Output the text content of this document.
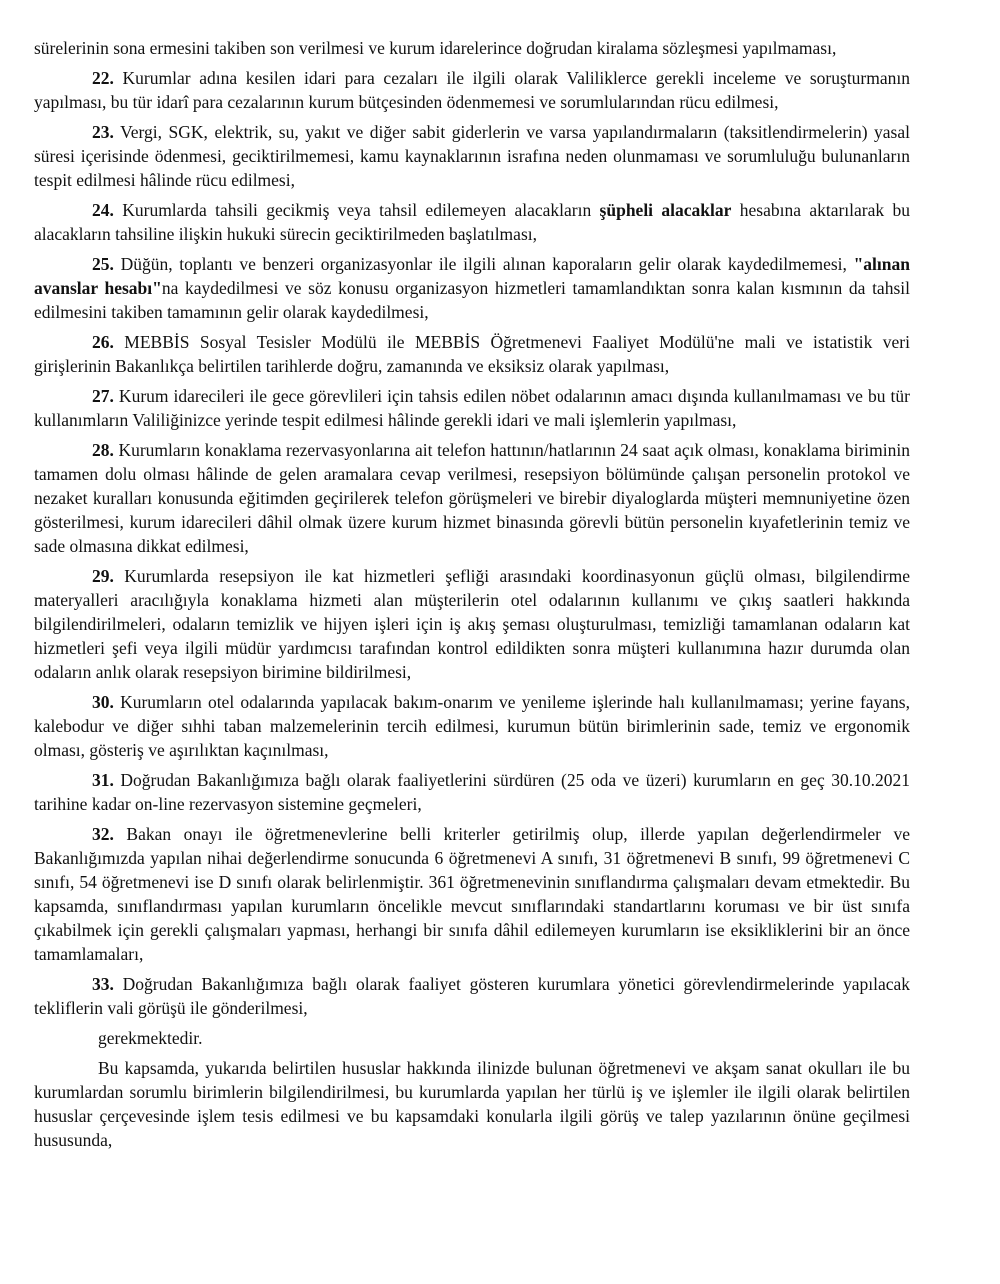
sürelerinin sona ermesini takiben son verilmesi ve kurum idarelerince doğrudan kiralama sözleşmesi yapılmaması,

22. Kurumlar adına kesilen idari para cezaları ile ilgili olarak Valiliklerce gerekli inceleme ve soruşturmanın yapılması, bu tür idarî para cezalarının kurum bütçesinden ödenmemesi ve sorumlularından rücu edilmesi,

23. Vergi, SGK, elektrik, su, yakıt ve diğer sabit giderlerin ve varsa yapılandırmaların (taksitlendirmelerin) yasal süresi içerisinde ödenmesi, geciktirilmemesi, kamu kaynaklarının israfına neden olunmaması ve sorumluluğu bulunanların tespit edilmesi hâlinde rücu edilmesi,

24. Kurumlarda tahsili gecikmiş veya tahsil edilemeyen alacakların şüpheli alacaklar hesabına aktarılarak bu alacakların tahsiline ilişkin hukuki sürecin geciktirilmeden başlatılması,

25. Düğün, toplantı ve benzeri organizasyonlar ile ilgili alınan kaporaların gelir olarak kaydedilmemesi, "alınan avanslar hesabı"na kaydedilmesi ve söz konusu organizasyon hizmetleri tamamlandıktan sonra kalan kısmının da tahsil edilmesini takiben tamamının gelir olarak kaydedilmesi,

26. MEBBİS Sosyal Tesisler Modülü ile MEBBİS Öğretmenevi Faaliyet Modülü'ne mali ve istatistik veri girişlerinin Bakanlıkça belirtilen tarihlerde doğru, zamanında ve eksiksiz olarak yapılması,

27. Kurum idarecileri ile gece görevlileri için tahsis edilen nöbet odalarının amacı dışında kullanılmaması ve bu tür kullanımların Valiliğinizce yerinde tespit edilmesi hâlinde gerekli idari ve mali işlemlerin yapılması,

28. Kurumların konaklama rezervasyonlarına ait telefon hattının/hatlarının 24 saat açık olması, konaklama biriminin tamamen dolu olması hâlinde de gelen aramalara cevap verilmesi, resepsiyon bölümünde çalışan personelin protokol ve nezaket kuralları konusunda eğitimden geçirilerek telefon görüşmeleri ve birebir diyaloglarda müşteri memnuniyetine özen gösterilmesi, kurum idarecileri dâhil olmak üzere kurum hizmet binasında görevli bütün personelin kıyafetlerinin temiz ve sade olmasına dikkat edilmesi,

29. Kurumlarda resepsiyon ile kat hizmetleri şefliği arasındaki koordinasyonun güçlü olması, bilgilendirme materyalleri aracılığıyla konaklama hizmeti alan müşterilerin otel odalarının kullanımı ve çıkış saatleri hakkında bilgilendirilmeleri, odaların temizlik ve hijyen işleri için iş akış şeması oluşturulması, temizliği tamamlanan odaların kat hizmetleri şefi veya ilgili müdür yardımcısı tarafından kontrol edildikten sonra müşteri kullanımına hazır durumda olan odaların anlık olarak resepsiyon birimine bildirilmesi,

30. Kurumların otel odalarında yapılacak bakım-onarım ve yenileme işlerinde halı kullanılmaması; yerine fayans, kalebodur ve diğer sıhhi taban malzemelerinin tercih edilmesi, kurumun bütün birimlerinin sade, temiz ve ergonomik olması, gösteriş ve aşırılıktan kaçınılması,

31. Doğrudan Bakanlığımıza bağlı olarak faaliyetlerini sürdüren (25 oda ve üzeri) kurumların en geç 30.10.2021 tarihine kadar on-line rezervasyon sistemine geçmeleri,

32. Bakan onayı ile öğretmenevlerine belli kriterler getirilmiş olup, illerde yapılan değerlendirmeler ve Bakanlığımızda yapılan nihai değerlendirme sonucunda 6 öğretmenevi A sınıfı, 31 öğretmenevi B sınıfı, 99 öğretmenevi C sınıfı, 54 öğretmenevi ise D sınıfı olarak belirlenmiştir. 361 öğretmenevinin sınıflandırma çalışmaları devam etmektedir. Bu kapsamda, sınıflandırması yapılan kurumların öncelikle mevcut sınıflarındaki standartlarını koruması ve bir üst sınıfa çıkabilmek için gerekli çalışmaları yapması, herhangi bir sınıfa dâhil edilemeyen kurumların ise eksikliklerini bir an önce tamamlamaları,

33. Doğrudan Bakanlığımıza bağlı olarak faaliyet gösteren kurumlara yönetici görevlendirmelerinde yapılacak tekliflerin vali görüşü ile gönderilmesi,

gerekmektedir.

Bu kapsamda, yukarıda belirtilen hususlar hakkında ilinizde bulunan öğretmenevi ve akşam sanat okulları ile bu kurumlardan sorumlu birimlerin bilgilendirilmesi, bu kurumlarda yapılan her türlü iş ve işlemler ile ilgili olarak belirtilen hususlar çerçevesinde işlem tesis edilmesi ve bu kapsamdaki konularla ilgili görüş ve talep yazılarının önüne geçilmesi hususunda,
